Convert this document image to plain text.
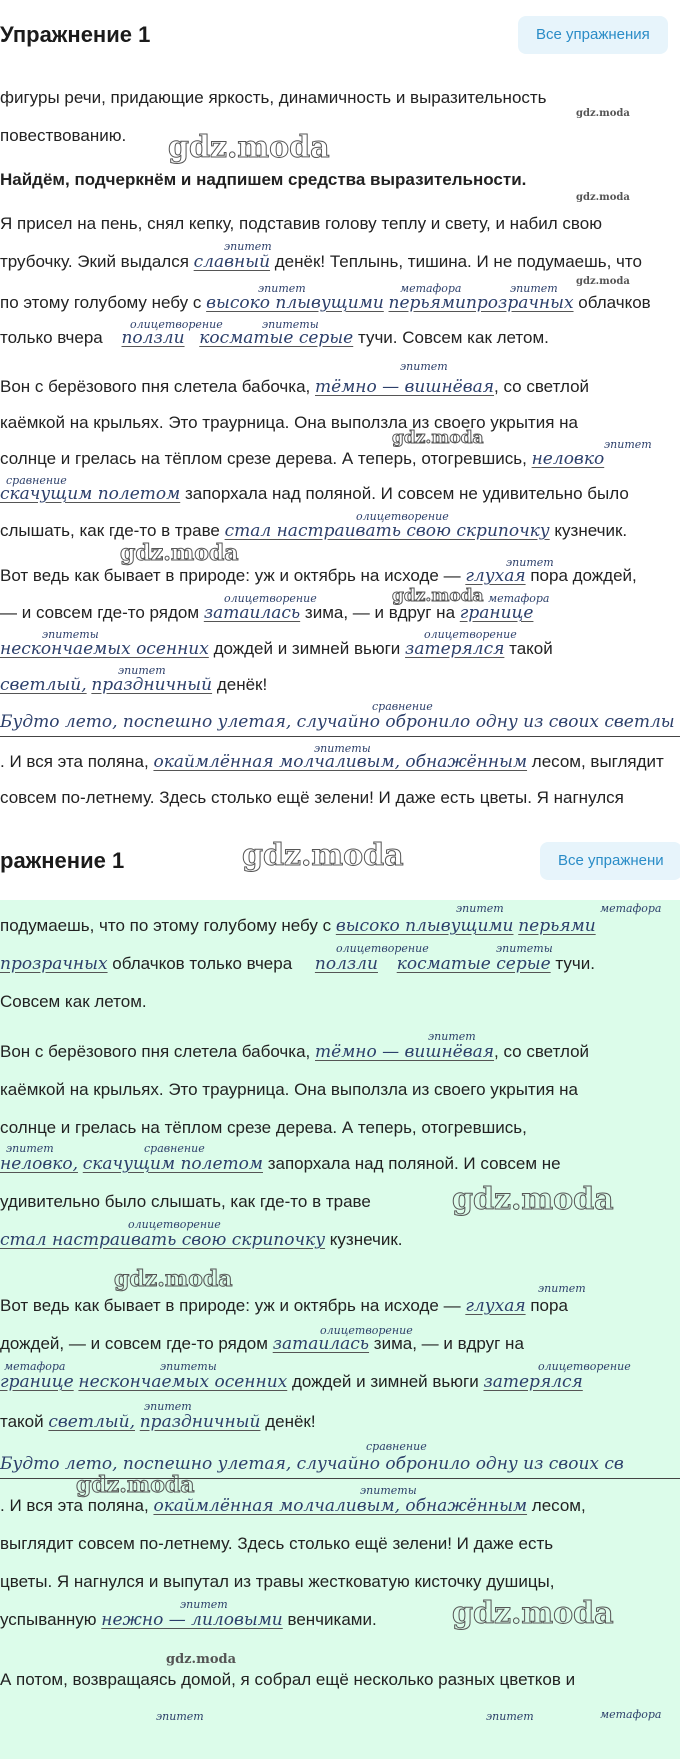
Упражнение 1	Все упражнения
фигуры речи, придающие яркость, динамичность и выразительность
gdz.moda
повествованию. gdz.moda
Найдём, подчеркнём и надпишем средства выразительности.
gdz.moda
Я присел на пень, снял кепку, подставив голову теплу и свету, и набил свою
эпитет
gdz.moda
трубочку. Экий выдался славный денёк! Теплынь, тишина. И не подумаешь, что
эпитет	метафора	эпитет
по этому голубому небу с высоко плывущими перьямипрозрачных облачков
олицетворение	эпитеты
только вчера ползли косматые серые тучи. Совсем как летом.
эпитет
Вон с берёзового пня слетела бабочка, тёмно — вишнёвая, со светлой
каёмкой на крыльях. Это траурница. Она выползла из своего укрытия на
gdz.moda	эпитет
солнце и грелась на тёплом срезе дерева. А теперь, отогревшись, неловко
сравнение
скачущим полетом запорхала над поляной. И совсем не удивительно было
олицетворение
слышать, как где-то в траве стал настраивать свою скрипочку кузнечик.
gdz.moda	эпитет
Вот ведь как бывает в природе: уж и октябрь на исходе — глухая пора дождей,
олицетворение	gdz.moda метафора
— и совсем где-то рядом затаилась зима, — и вдруг на границе
эпитеты	олицетворение
нескончаемых осенних дождей и зимней вьюги затерялся такой
эпитет
светлый, праздничный денёк!
сравнение
Будто лето, поспешно улетая, случайно обронило одну из своих светлы
эпитеты
. И вся эта поляна, окаймлённая молчаливым, обнажённым лесом, выглядит
совсем по-летнему. Здесь столько ещё зелени! И даже есть цветы. Я нагнулся
ражнение 1	gdz.moda	Все упражнени
эпитет	метафора
подумаешь, что по этому голубому небу с высоко плывущими перьями
олицетворение	эпитеты
прозрачных облачков только вчера ползли косматые серые тучи.
Совсем как летом.
эпитет
Вон с берёзового пня слетела бабочка, тёмно — вишнёвая, со светлой
каёмкой на крыльях. Это траурница. Она выползла из своего укрытия на
солнце и грелась на тёплом срезе дерева. А теперь, отогревшись,
эпитет	сравнение
неловко, скачущим полетом запорхала над поляной. И совсем не
удивительно было слышать, как где-то в траве	gdz.moda
олицетворение
стал настраивать свою скрипочку кузнечик.
gdz.moda	эпитет
Вот ведь как бывает в природе: уж и октябрь на исходе — глухая пора
олицетворение
дождей, — и совсем где-то рядом затаилась зима, — и вдруг на
метафора	эпитеты	олицетворение
границе нескончаемых осенних дождей и зимней вьюги затерялся
эпитет
такой светлый, праздничный денёк!
сравнение
Будто лето, поспешно улетая, случайно обронило одну из своих св
gdz.moda	эпитеты
. И вся эта поляна, окаймлённая молчаливым, обнажённым лесом,
выглядит совсем по-летнему. Здесь столько ещё зелени! И даже есть
цветы. Я нагнулся и выпутал из травы жестковатую кисточку душицы,
эпитет
успыванную нежно — лиловыми венчиками.	gdz.moda
gdz.moda
А потом, возвращаясь домой, я собрал ещё несколько разных цветков и
эпитет	эпитет	метафора
